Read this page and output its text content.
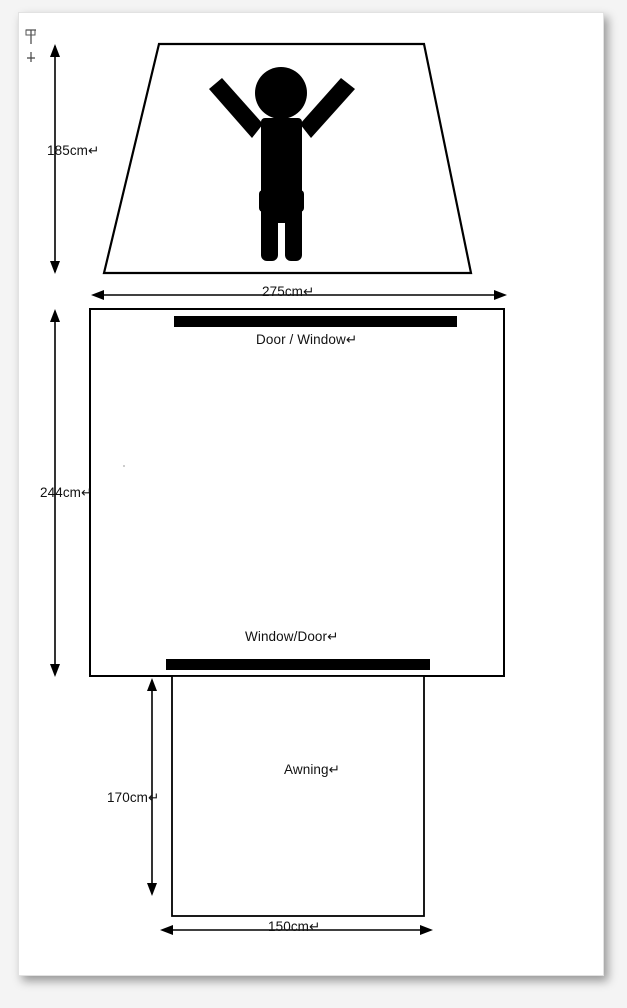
185cm↵
275cm↵
244cm↵
Door / Window↵
Window/Door↵
Awning↵
170cm↵
150cm↵
